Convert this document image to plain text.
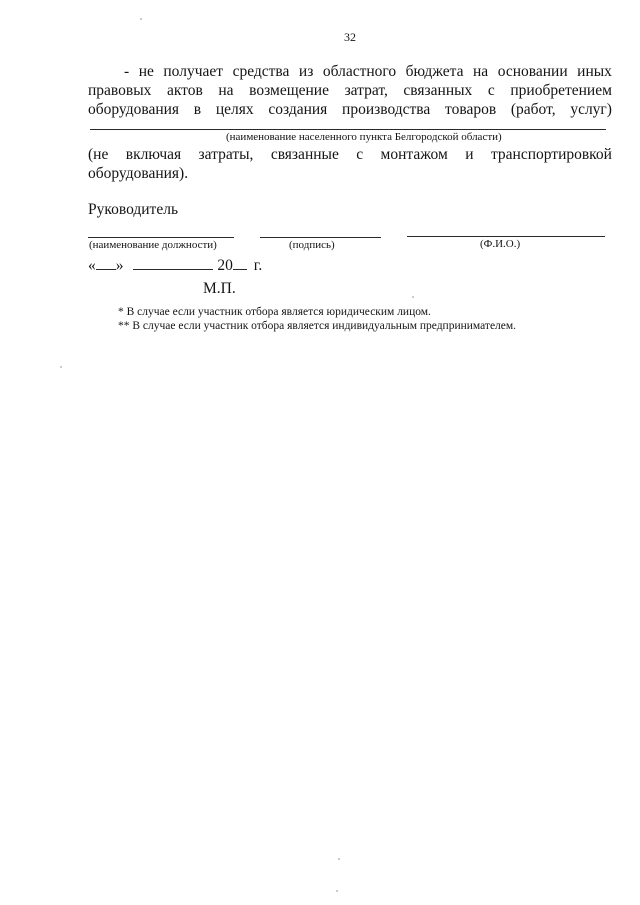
32
- не получает средства из областного бюджета на основании иных
правовых актов на возмещение затрат, связанных с приобретением
оборудования в целях создания производства товаров (работ, услуг)
(наименование населенного пункта Белгородской области)
(не включая затраты, связанные с монтажом и транспортировкой
оборудования).
Руководитель
(наименование должности)	(подпись)	(Ф.И.О.)
« »	20 г.
М.П.
* В случае если участник отбора является юридическим лицом.
** В случае если участник отбора является индивидуальным предпринимателем.
